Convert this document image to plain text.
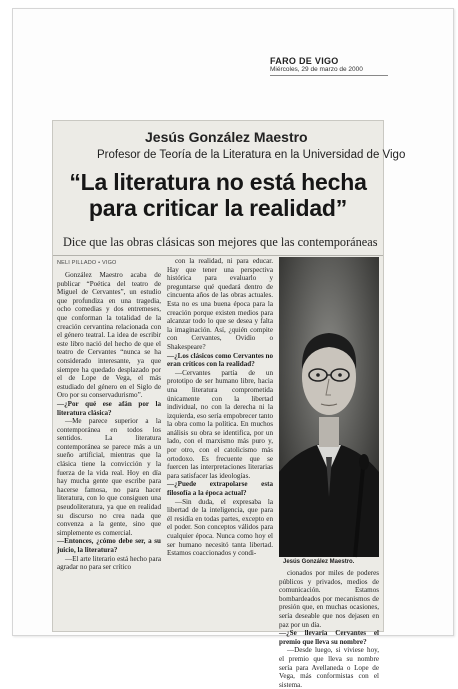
FARO DE VIGO
Miércoles, 29 de marzo de 2000
Jesús González Maestro
Profesor de Teoría de la Literatura en la Universidad de Vigo
“La literatura no está hecha para criticar la realidad”
Dice que las obras clásicas son mejores que las contemporáneas
NELI PILLADO • VIGO

González Maestro acaba de publicar “Poética del teatro de Miguel de Cervantes”, un estudio que profundiza en una tragedia, ocho comedias y dos entremeses, que conforman la totalidad de la creación cervantina relacionada con el género teatral. La idea de escribir este libro nació del hecho de que el teatro de Cervantes “nunca se ha considerado interesante, ya que siempre ha quedado desplazado por el de Lope de Vega, el más estudiado del género en el Siglo de Oro por su conservadurismo”.

—¿Por qué ese afán por la literatura clásica?

—Me parece superior a la contemporánea en todos los sentidos. La literatura contemporánea se parece más a un sueño artificial, mientras que la clásica tiene la convicción y la fuerza de la vida real. Hoy en día hay mucha gente que escribe para hacerse famosa, no para hacer literatura, con lo que consiguen una pseudoliteratura, ya que en realidad su discurso no crea nada que convenza a la gente, sino que simplemente es comercial.

—Entonces, ¿cómo debe ser, a su juicio, la literatura?

—El arte literario está hecho para agradar no para ser crítico

con la realidad, ni para educar. Hay que tener una perspectiva histórica para evaluarlo y preguntarse qué quedará dentro de cincuenta años de las obras actuales. Esta no es una buena época para la creación porque existen medios para alcanzar todo lo que se desea y falta la imaginación. Así, ¿quién compite con Cervantes, Ovidio o Shakespeare?

—¿Los clásicos como Cervantes no eran críticos con la realidad?

—Cervantes partía de un prototipo de ser humano libre, hacia una literatura comprometida únicamente con la libertad individual, no con la derecha ni la izquierda, eso sería empobrecer tanto la obra como la política. En muchos análisis su obra se identifica, por un lado, con el marxismo más puro y, por otro, con el catolicismo más ortodoxo. Es frecuente que se fuercen las interpretaciones literarias para satisfacer las ideologías.

—¿Puede extrapolarse esta filosofía a la época actual?

—Sin duda, el expresaba la libertad de la inteligencia, que para él residía en todas partes, excepto en el poder. Son conceptos válidos para cualquier época. Nunca como hoy el ser humano necesitó tanta libertad. Estamos coaccionados y condi-

Jesús González Maestro.

cionados por miles de poderes públicos y privados, medios de comunicación. Estamos bombardeados por mecanismos de presión que, en muchas ocasiones, sería deseable que nos dejasen en paz por un día.

—¿Se llevaría Cervantes el premio que lleva su nombre?

—Desde luego, si viviese hoy, el premio que lleva su nombre sería para Avellaneda o Lope de Vega, más conformistas con el sistema.
